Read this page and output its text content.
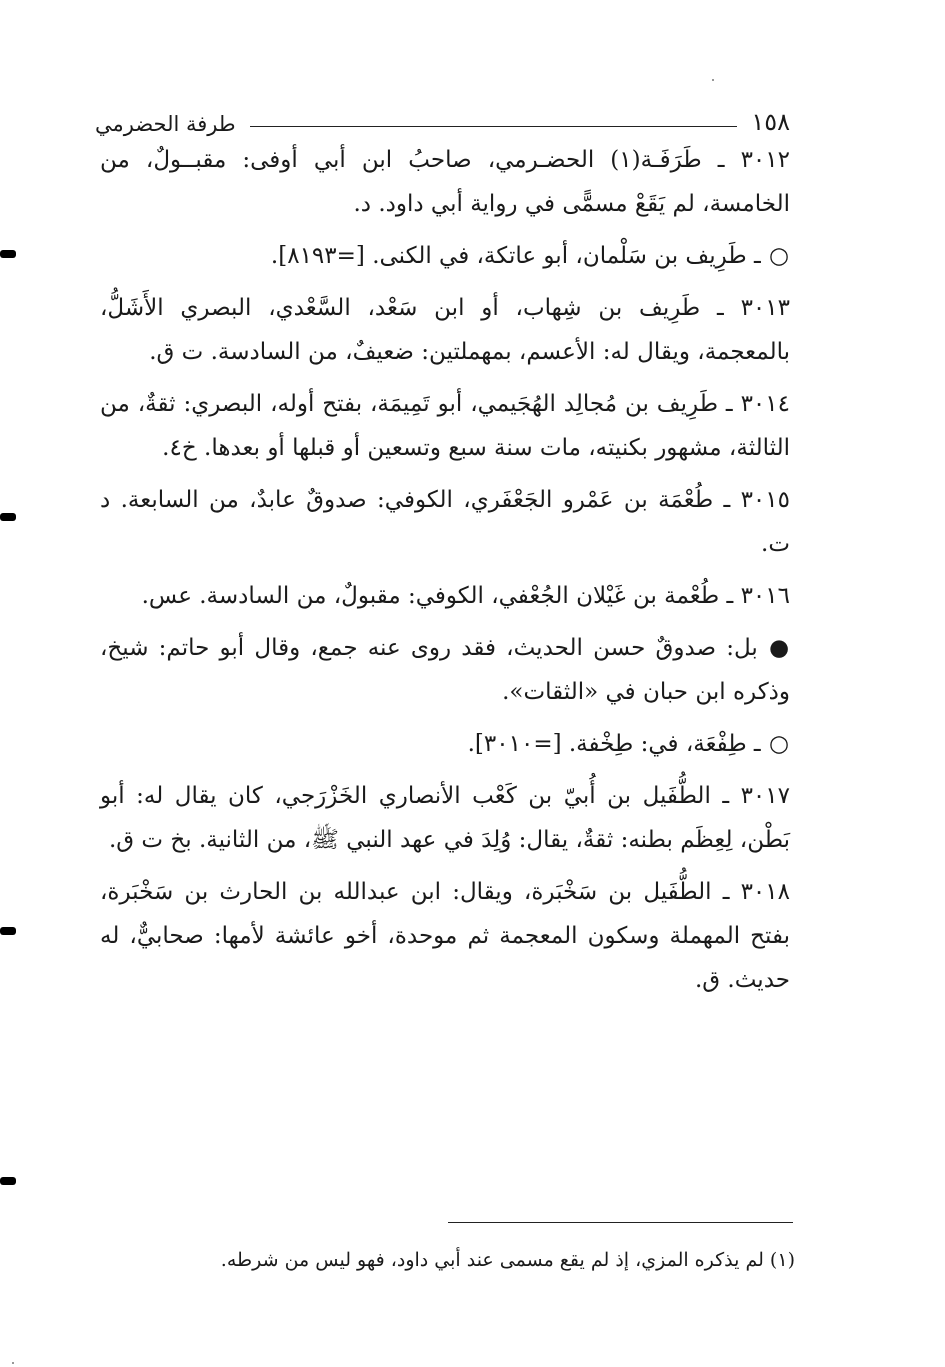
١٥٨
طرفة الحضرمي

٣٠١٢ ـ طَرَفَـة(١) الحضـرمي، صاحبُ ابن أبي أوفى: مقبــولٌ، من الخامسة، لم يَقَعْ مسمًّى في رواية أبي داود. د.

○ ـ طَرِيف بن سَلْمان، أبو عاتكة، في الكنى. [=٨١٩٣].

٣٠١٣ ـ طَرِيف بن شِهاب، أو ابن سَعْد، السَّعْدي، البصري الأَشَلُّ، بالمعجمة، ويقال له: الأعسم، بمهملتين: ضعيفٌ، من السادسة. ت ق.

٣٠١٤ ـ طَرِيف بن مُجالِد الهُجَيمي، أبو تَمِيمَة، بفتح أوله، البصري: ثقةٌ، من الثالثة، مشهور بكنيته، مات سنة سبع وتسعين أو قبلها أو بعدها. خ٤.

٣٠١٥ ـ طُعْمَة بن عَمْرو الجَعْفَري، الكوفي: صدوقٌ عابدٌ، من السابعة. د ت.

٣٠١٦ ـ طُعْمة بن غَيْلان الجُعْفي، الكوفي: مقبولٌ، من السادسة. عس.

● بل: صدوقٌ حسن الحديث، فقد روى عنه جمع، وقال أبو حاتم: شيخ، وذكره ابن حبان في «الثقات».

○ ـ طِفْعَة، في: طِخْفة. [=٣٠١٠].

٣٠١٧ ـ الطُّفَيل بن أُبيّ بن كَعْب الأنصاري الخَزْرَجي، كان يقال له: أبو بَطْن، لِعِظَم بطنه: ثقةٌ، يقال: وُلِدَ في عهد النبي ﷺ، من الثانية. بخ ت ق.

٣٠١٨ ـ الطُّفَيل بن سَخْبَرة، ويقال: ابن عبدالله بن الحارث بن سَخْبَرة، بفتح المهملة وسكون المعجمة ثم موحدة، أخو عائشة لأمها: صحابيٌّ، له حديث. ق.

(١) لم يذكره المزي، إذ لم يقع مسمى عند أبي داود، فهو ليس من شرطه.
